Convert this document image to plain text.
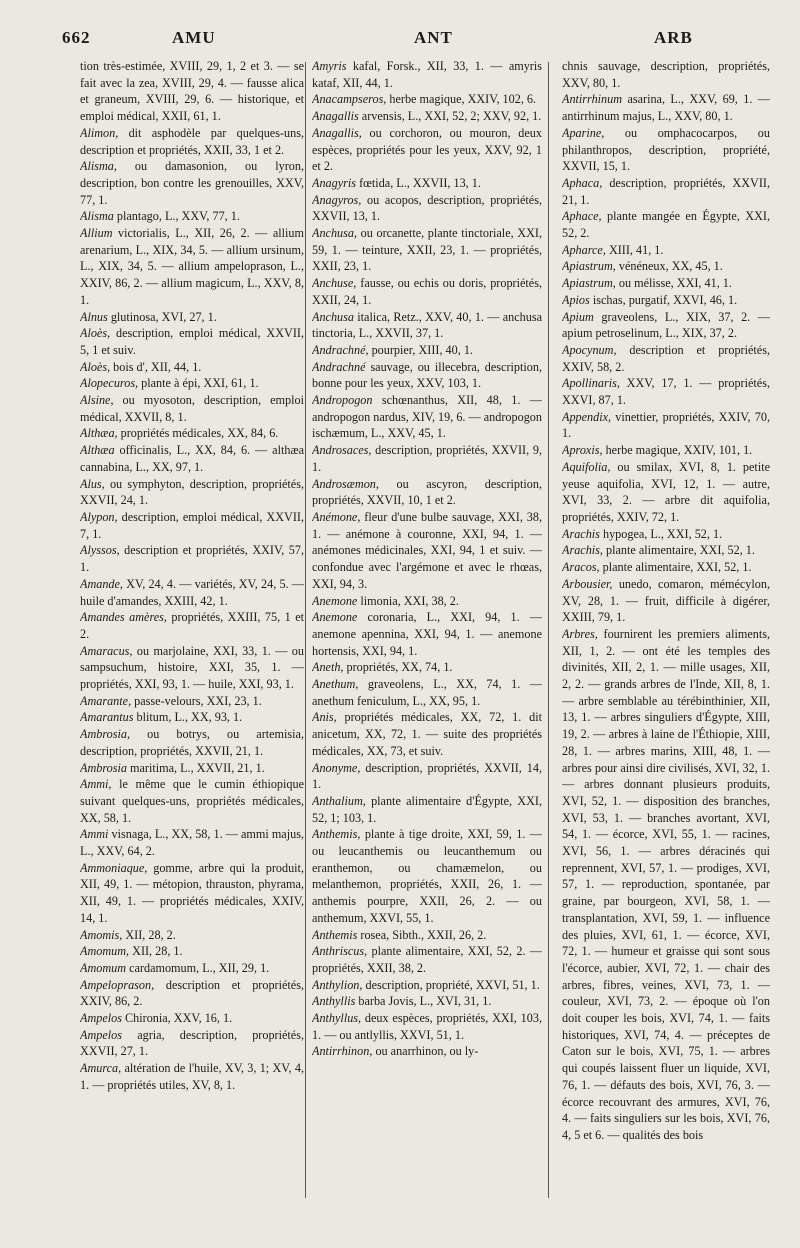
662	AMU	ANT	ARB

tion très-estimée, XVIII, 29, 1, 2 et 3. — se fait avec la zea, XVIII, 29, 4. — fausse alica et graneum, XVIII, 29, 6. — historique, et emploi médical, XXII, 61, 1.

Alimon, dit asphodèle par quelques-uns, description et propriétés, XXII, 33, 1 et 2.

Alisma, ou damasonion, ou lyron, description, bon contre les grenouilles, XXV, 77, 1.

Alisma plantago, L., XXV, 77, 1.

Allium victorialis, L., XII, 26, 2. — allium arenarium, L., XIX, 34, 5. — allium ursinum, L., XIX, 34, 5. — allium ampeloprason, L., XXIV, 86, 2. — allium magicum, L., XXV, 8, 1.

Alnus glutinosa, XVI, 27, 1.

Aloès, description, emploi médical, XXVII, 5, 1 et suiv.

Aloès, bois d', XII, 44, 1.

Alopecuros, plante à épi, XXI, 61, 1.

Alsine, ou myosoton, description, emploi médical, XXVII, 8, 1.

Althæa, propriétés médicales, XX, 84, 6.

Althæa officinalis, L., XX, 84, 6. — althæa cannabina, L., XX, 97, 1.

Alus, ou symphyton, description, propriétés, XXVII, 24, 1.

Alypon, description, emploi médical, XXVII, 7, 1.

Alyssos, description et propriétés, XXIV, 57, 1.

Amande, XV, 24, 4. — variétés, XV, 24, 5. — huile d'amandes, XXIII, 42, 1.

Amandes amères, propriétés, XXIII, 75, 1 et 2.

Amaracus, ou marjolaine, XXI, 33, 1. — ou sampsuchum, histoire, XXI, 35, 1. — propriétés, XXI, 93, 1. — huile, XXI, 93, 1.

Amarante, passe-velours, XXI, 23, 1.

Amarantus blitum, L., XX, 93, 1.

Ambrosia, ou botrys, ou artemisia, description, propriétés, XXVII, 21, 1.

Ambrosia maritima, L., XXVII, 21, 1.

Ammi, le même que le cumin éthiopique suivant quelques-uns, propriétés médicales, XX, 58, 1.

Ammi visnaga, L., XX, 58, 1. — ammi majus, L., XXV, 64, 2.

Ammoniaque, gomme, arbre qui la produit, XII, 49, 1. — métopion, thrauston, phyrama, XII, 49, 1. — propriétés médicales, XXIV, 14, 1.

Amomis, XII, 28, 2.

Amomum, XII, 28, 1.

Amomum cardamomum, L., XII, 29, 1.

Ampeloprason, description et propriétés, XXIV, 86, 2.

Ampelos Chironia, XXV, 16, 1.

Ampelos agria, description, propriétés, XXVII, 27, 1.

Amurca, altération de l'huile, XV, 3, 1; XV, 4, 1. — propriétés utiles, XV, 8, 1.

Amyris kafal, Forsk., XII, 33, 1. — amyris kataf, XII, 44, 1.

Anacampseros, herbe magique, XXIV, 102, 6.

Anagallis arvensis, L., XXI, 52, 2; XXV, 92, 1.

Anagallis, ou corchoron, ou mouron, deux espèces, propriétés pour les yeux, XXV, 92, 1 et 2.

Anagyris fœtida, L., XXVII, 13, 1.

Anagyros, ou acopos, description, propriétés, XXVII, 13, 1.

Anchusa, ou orcanette, plante tinctoriale, XXI, 59, 1. — teinture, XXII, 23, 1. — propriétés, XXII, 23, 1.

Anchuse, fausse, ou echis ou doris, propriétés, XXII, 24, 1.

Anchusa italica, Retz., XXV, 40, 1. — anchusa tinctoria, L., XXVII, 37, 1.

Andrachné, pourpier, XIII, 40, 1.

Andrachné sauvage, ou illecebra, description, bonne pour les yeux, XXV, 103, 1.

Andropogon schœnanthus, XII, 48, 1. — andropogon nardus, XIV, 19, 6. — andropogon ischæmum, L., XXV, 45, 1.

Androsaces, description, propriétés, XXVII, 9, 1.

Androsæmon, ou ascyron, description, propriétés, XXVII, 10, 1 et 2.

Anémone, fleur d'une bulbe sauvage, XXI, 38, 1. — anémone à couronne, XXI, 94, 1. — anémones médicinales, XXI, 94, 1 et suiv. — confondue avec l'argémone et avec le rhœas, XXI, 94, 3.

Anemone limonia, XXI, 38, 2.

Anemone coronaria, L., XXI, 94, 1. — anemone apennina, XXI, 94, 1. — anemone hortensis, XXI, 94, 1.

Aneth, propriétés, XX, 74, 1.

Anethum, graveolens, L., XX, 74, 1. — anethum feniculum, L., XX, 95, 1.

Anis, propriétés médicales, XX, 72, 1. dit anicetum, XX, 72, 1. — suite des propriétés médicales, XX, 73, et suiv.

Anonyme, description, propriétés, XXVII, 14, 1.

Anthalium, plante alimentaire d'Égypte, XXI, 52, 1; 103, 1.

Anthemis, plante à tige droite, XXI, 59, 1. — ou leucanthemis ou leucanthemum ou eranthemon, ou chamæmelon, ou melanthemon, propriétés, XXII, 26, 1. — anthemis pourpre, XXII, 26, 2. — ou anthemum, XXVI, 55, 1.

Anthemis rosea, Sibth., XXII, 26, 2.

Anthriscus, plante alimentaire, XXI, 52, 2. — propriétés, XXII, 38, 2.

Anthylion, description, propriété, XXVI, 51, 1.

Anthyllis barba Jovis, L., XVI, 31, 1.

Anthyllus, deux espèces, propriétés, XXI, 103, 1. — ou antlyllis, XXVI, 51, 1.

Antirrhinon, ou anarrhinon, ou ly-

chnis sauvage, description, propriétés, XXV, 80, 1.

Antirrhinum asarina, L., XXV, 69, 1. — antirrhinum majus, L., XXV, 80, 1.

Aparine, ou omphacocarpos, ou philanthropos, description, propriété, XXVII, 15, 1.

Aphaca, description, propriétés, XXVII, 21, 1.

Aphace, plante mangée en Égypte, XXI, 52, 2.

Apharce, XIII, 41, 1.

Apiastrum, vénéneux, XX, 45, 1.

Apiastrum, ou mélisse, XXI, 41, 1.

Apios ischas, purgatif, XXVI, 46, 1.

Apium graveolens, L., XIX, 37, 2. — apium petroselinum, L., XIX, 37, 2.

Apocynum, description et propriétés, XXIV, 58, 2.

Apollinaris, XXV, 17, 1. — propriétés, XXVI, 87, 1.

Appendix, vinettier, propriétés, XXIV, 70, 1.

Aproxis, herbe magique, XXIV, 101, 1.

Aquifolia, ou smilax, XVI, 8, 1. petite yeuse aquifolia, XVI, 12, 1. — autre, XVI, 33, 2. — arbre dit aquifolia, propriétés, XXIV, 72, 1.

Arachis hypogea, L., XXI, 52, 1.

Arachis, plante alimentaire, XXI, 52, 1.

Aracos, plante alimentaire, XXI, 52, 1.

Arbousier, unedo, comaron, mémécylon, XV, 28, 1. — fruit, difficile à digérer, XXIII, 79, 1.

Arbres, fournirent les premiers aliments, XII, 1, 2. — ont été les temples des divinités, XII, 2, 1. — mille usages, XII, 2, 2. — grands arbres de l'Inde, XII, 8, 1. — arbre semblable au térébinthinier, XII, 13, 1. — arbres singuliers d'Égypte, XIII, 19, 2. — arbres à laine de l'Éthiopie, XIII, 28, 1. — arbres marins, XIII, 48, 1. — arbres pour ainsi dire civilisés, XVI, 32, 1. — arbres donnant plusieurs produits, XVI, 52, 1. — disposition des branches, XVI, 53, 1. — branches avortant, XVI, 54, 1. — écorce, XVI, 55, 1. — racines, XVI, 56, 1. — arbres déracinés qui reprennent, XVI, 57, 1. — prodiges, XVI, 57, 1. — reproduction, spontanée, par graine, par bourgeon, XVI, 58, 1. — transplantation, XVI, 59, 1. — influence des pluies, XVI, 61, 1. — écorce, XVI, 72, 1. — humeur et graisse qui sont sous l'écorce, aubier, XVI, 72, 1. — chair des arbres, fibres, veines, XVI, 73, 1. — couleur, XVI, 73, 2. — époque où l'on doit couper les bois, XVI, 74, 1. — faits historiques, XVI, 74, 4. — préceptes de Caton sur le bois, XVI, 75, 1. — arbres qui coupés laissent fluer un liquide, XVI, 76, 1. — défauts des bois, XVI, 76, 3. — écorce recouvrant des armures, XVI, 76, 4. — faits singuliers sur les bois, XVI, 76, 4, 5 et 6. — qualités des bois
